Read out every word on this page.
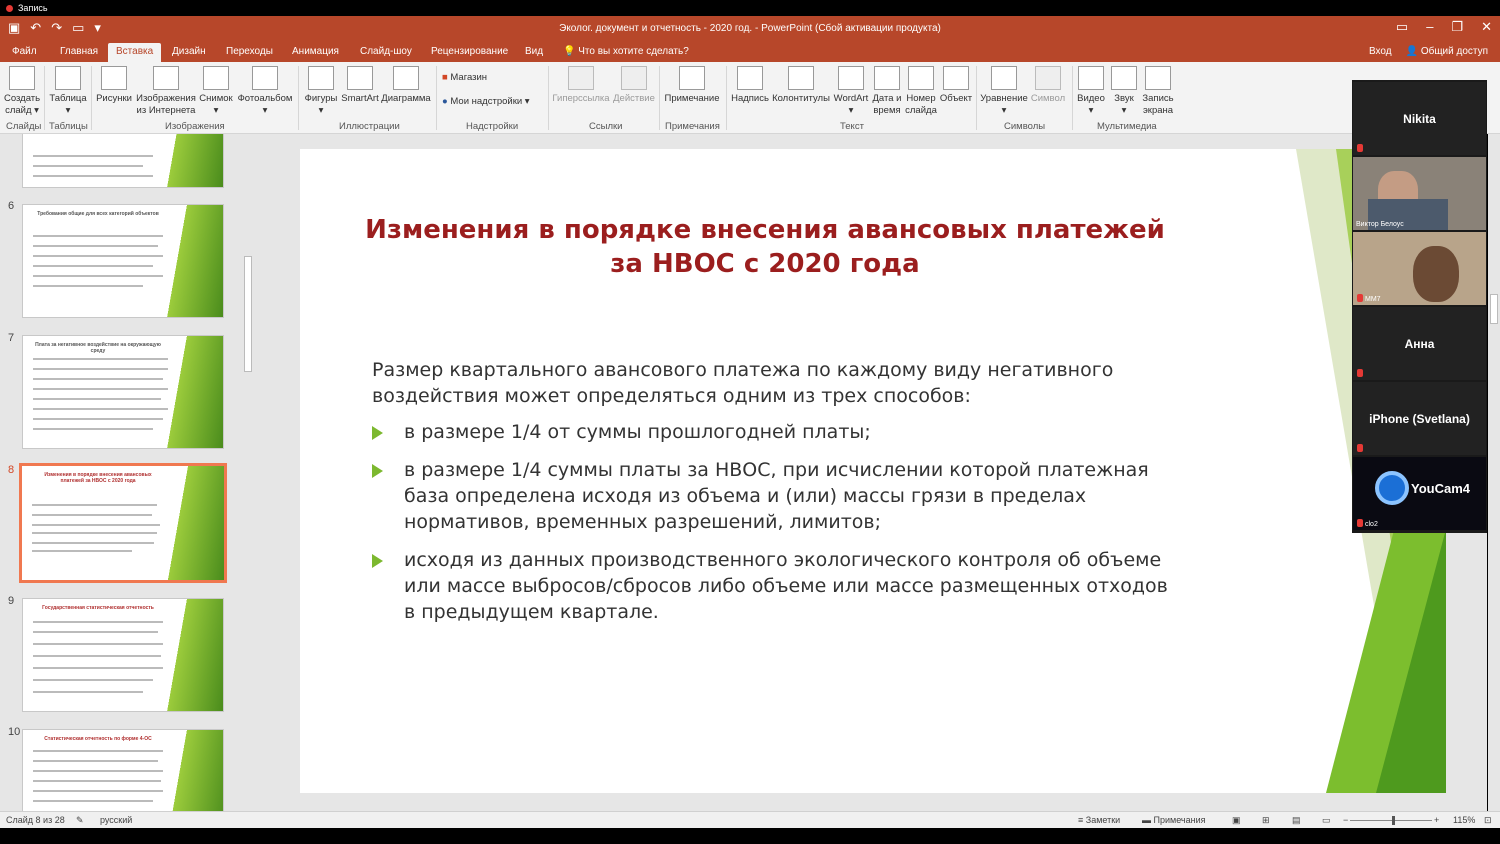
Запись
▣ ↶ ↷ ▭ ▾	Эколог. документ и отчетность - 2020 год. - PowerPoint (Сбой активации продукта)	▭ – ❐ ✕
Файл Главная	Вставка	Дизайн Переходы Анимация Слайд-шоу Рецензирование Вид 💡 Что вы хотите сделать?	Вход 👤 Общий доступ
Создать
слайд ▾
Таблица
▾
Рисунки Изображения
из Интернета
Снимок
▾
Фотоальбом
▾
Фигуры
▾
SmartArt Диаграмма
■ Магазин
● Мои надстройки ▾ Гиперссылка Действие Примечание Надпись Колонтитулы WordArt
▾
Дата и
время
Номер
слайда
Объект Уравнение
▾
Символ Видео
▾
Звук
▾
Запись
экрана
Слайды Таблицы	Изображения	Иллюстрации	Надстройки	Ссылки	Примечания	Текст	Символы	Мультимедиа
6
Требования общие для всех категорий объектов
7
Плата за негативное воздействие на окружающую среду
8	Изменения в порядке внесения авансовых платежей за НВОС с 2020 года
9
Государственная статистическая отчетность
10
Статистическая отчетность по форме 4-ОС
Изменения в порядке внесения авансовых платежей за НВОС с 2020 года
Размер квартального авансового платежа по каждому виду негативного воздействия может определяться одним из трех способов:
в размере 1/4 от суммы прошлогодней платы;
в размере 1/4 суммы платы за НВОС, при исчислении которой платежная база определена исходя из объема и (или) массы грязи в пределах нормативов, временных разрешений, лимитов;
исходя из данных производственного экологического контроля об объеме или массе выбросов/сбросов либо объеме или массе размещенных отходов в предыдущем квартале.
Nikita
Виктор Белоус
MM7
Анна
iPhone (Svetlana)
YouCam4
clo2
Слайд 8 из 28 ✎ русский	≡ Заметки ▬ Примечания	▣ ⊞ ▤ ▭ −	+ 115% ⊡
